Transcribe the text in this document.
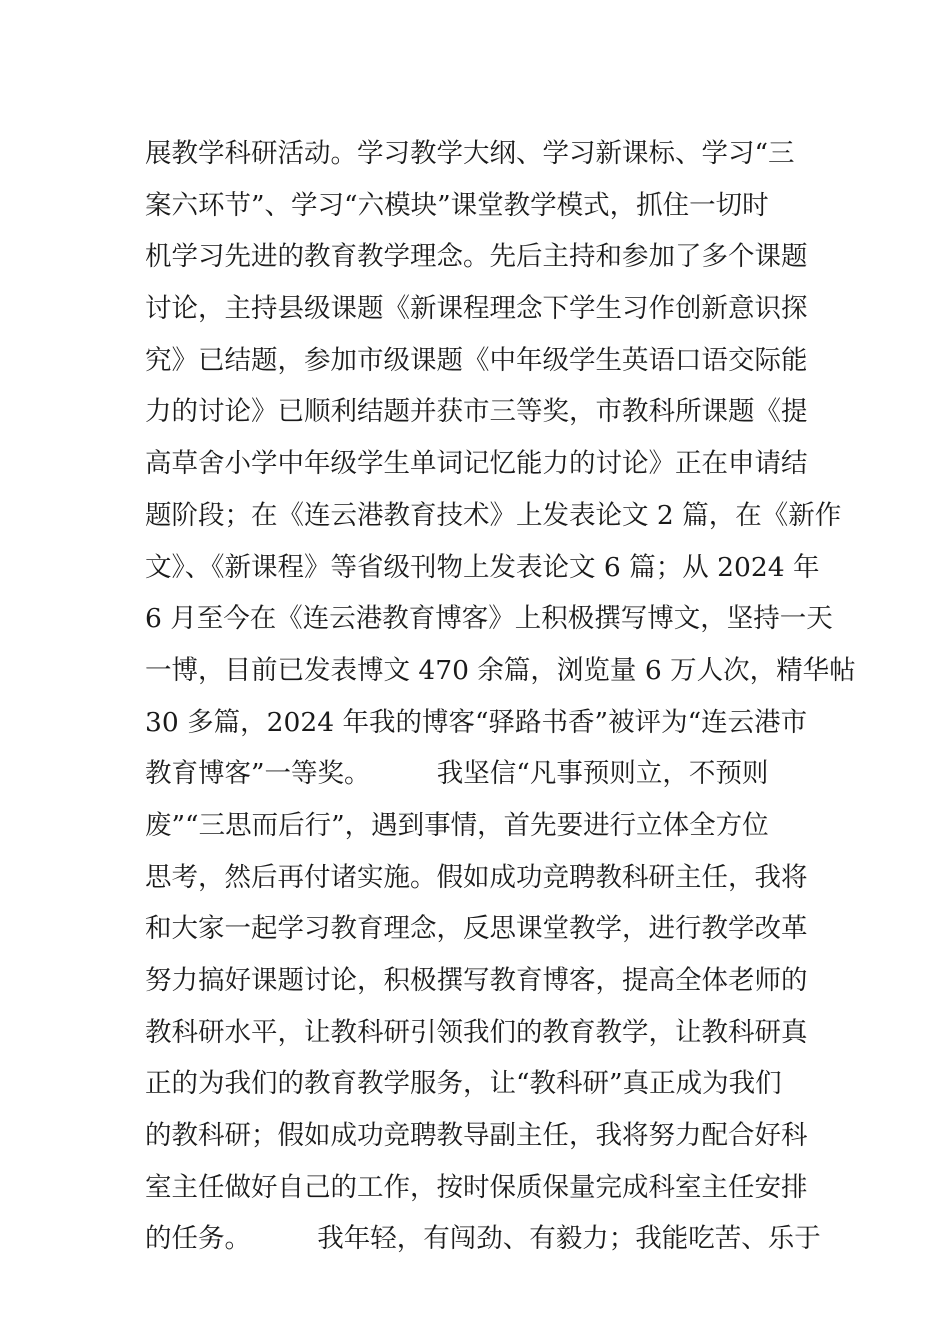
展教学科研活动。学习教学大纲、学习新课标、学习“三
案六环节”、学习“六模块”课堂教学模式，抓住一切时
机学习先进的教育教学理念。先后主持和参加了多个课题
讨论，主持县级课题《新课程理念下学生习作创新意识探
究》已结题，参加市级课题《中年级学生英语口语交际能
力的讨论》已顺利结题并获市三等奖，市教科所课题《提
高草舍小学中年级学生单词记忆能力的讨论》正在申请结
题阶段；在《连云港教育技术》上发表论文 2 篇，在《新作
文》、《新课程》等省级刊物上发表论文 6 篇；从 2024 年
6 月至今在《连云港教育博客》上积极撰写博文，坚持一天
一博，目前已发表博文 470 余篇，浏览量 6 万人次，精华帖
30 多篇，2024 年我的博客“驿路书香”被评为“连云港市
教育博客”一等奖。　　　我坚信“凡事预则立，不预则
废”“三思而后行”，遇到事情，首先要进行立体全方位
思考，然后再付诸实施。假如成功竞聘教科研主任，我将
和大家一起学习教育理念，反思课堂教学，进行教学改革
努力搞好课题讨论，积极撰写教育博客，提高全体老师的
教科研水平，让教科研引领我们的教育教学，让教科研真
正的为我们的教育教学服务，让“教科研”真正成为我们
的教科研；假如成功竞聘教导副主任，我将努力配合好科
室主任做好自己的工作，按时保质保量完成科室主任安排
的任务。　　　我年轻，有闯劲、有毅力；我能吃苦、乐于
